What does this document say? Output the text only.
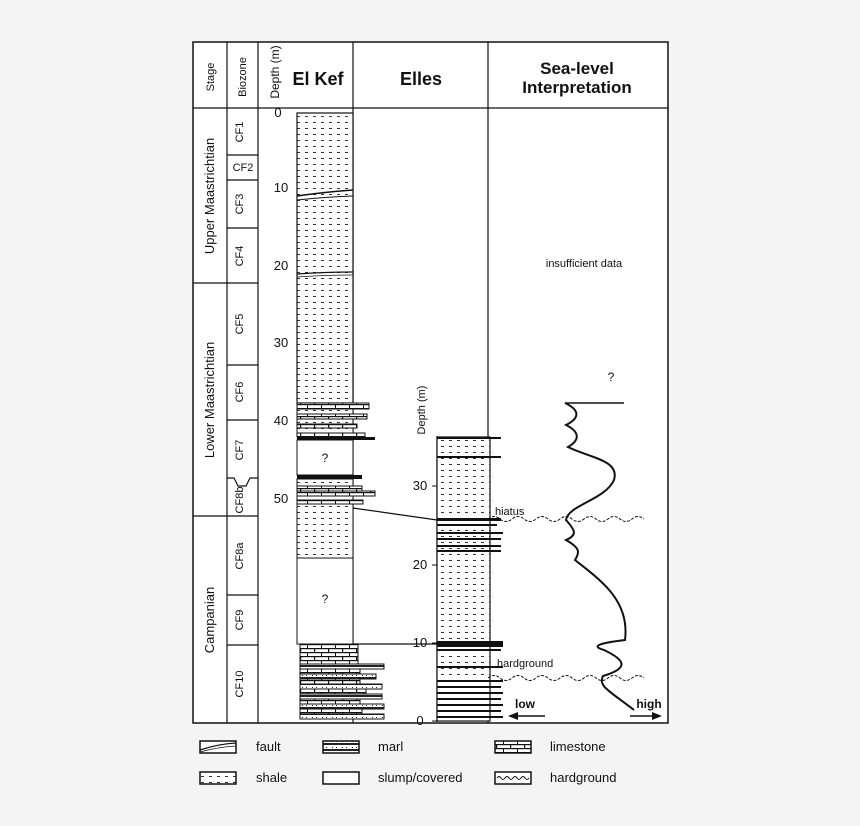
Stage Biozone Depth (m) El Kef	Elles
Sea-level
Interpretation
Upper Maastrichtian
Lower Maastrichtian
Campanian
CF1
CF2
CF3
CF4
CF5
CF6
CF7
CF8b
CF8a
CF9
CF10
0
10
20
30
40
50
?
?
Depth (m)
30
20
10
0
hiatus
hardground
insufficient data
?
low	high
fault	marl	limestone
shale	slump/covered	hardground
